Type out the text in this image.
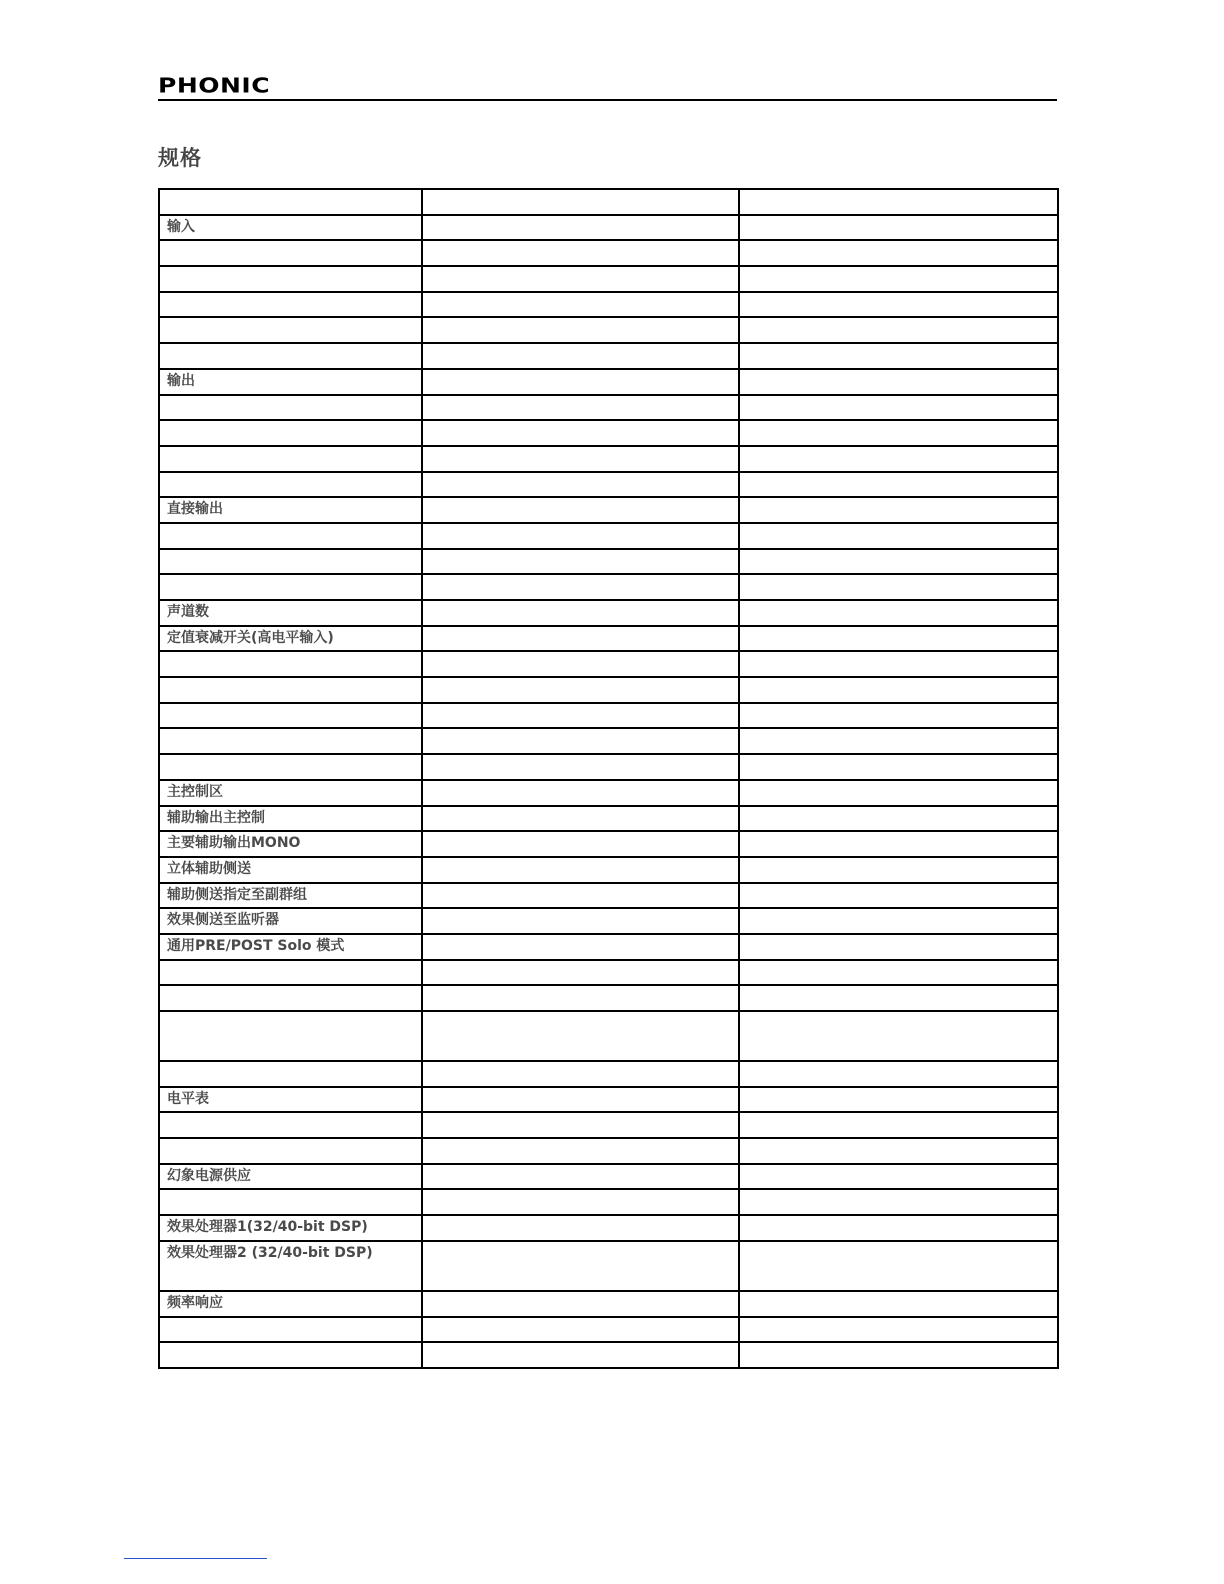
PHONIC
规格

输入		

输出		

直接输出		

声道数		
定值衰减开关(高电平输入)		

主控制区		
辅助输出主控制		
主要辅助输出MONO		
立体辅助侧送		
辅助侧送指定至副群组		
效果侧送至监听器		
通用PRE/POST Solo 模式		

电平表		

幻象电源供应		

效果处理器1(32/40-bit DSP)		
效果处理器2 (32/40-bit DSP)		
频率响应		
